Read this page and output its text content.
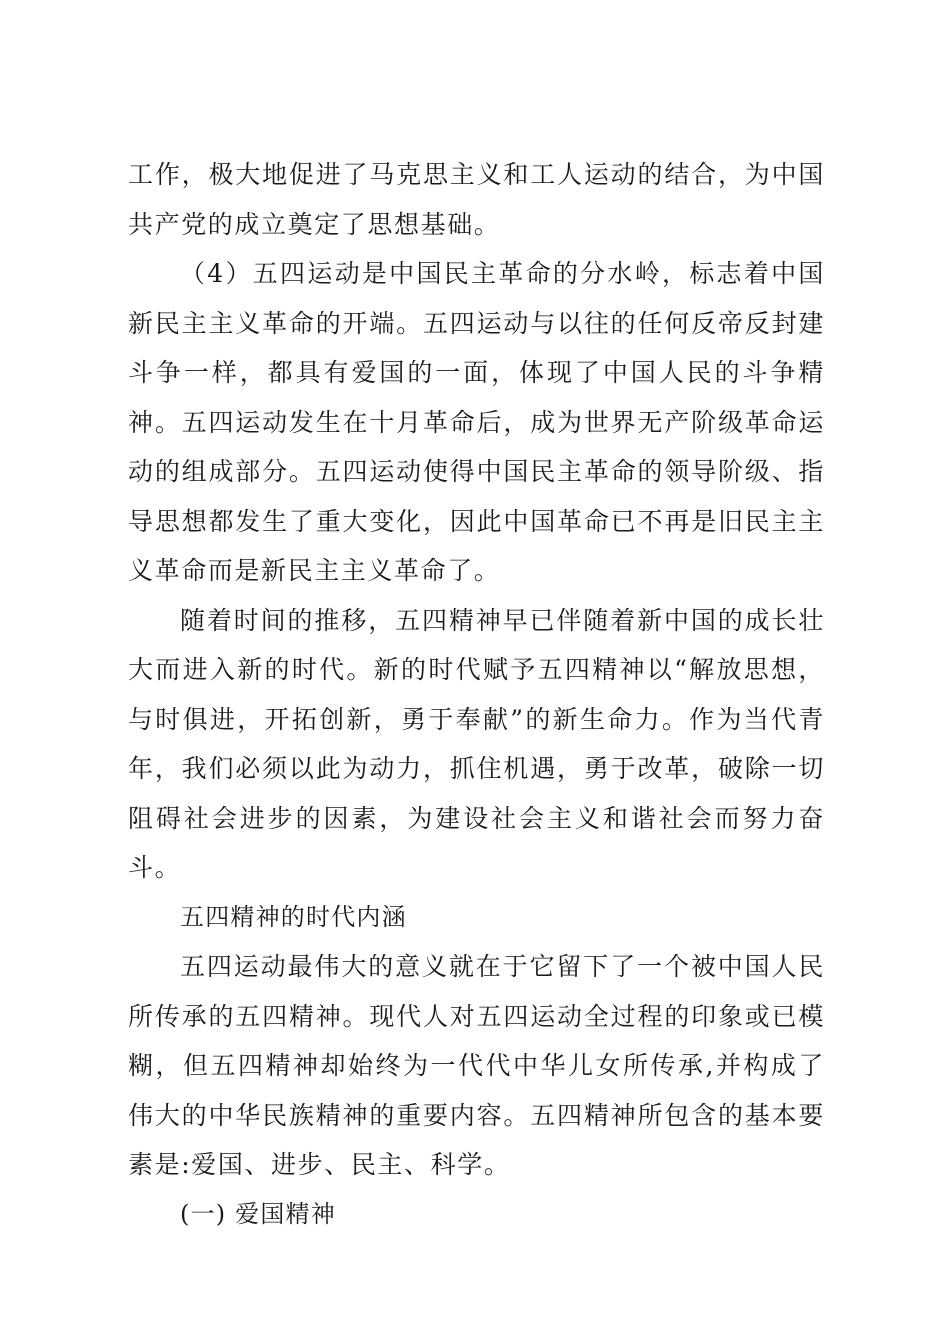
工作，极大地促进了马克思主义和工人运动的结合，为中国共产党的成立奠定了思想基础。

（4）五四运动是中国民主革命的分水岭，标志着中国新民主主义革命的开端。五四运动与以往的任何反帝反封建斗争一样，都具有爱国的一面，体现了中国人民的斗争精神。五四运动发生在十月革命后，成为世界无产阶级革命运动的组成部分。五四运动使得中国民主革命的领导阶级、指导思想都发生了重大变化，因此中国革命已不再是旧民主主义革命而是新民主主义革命了。

随着时间的推移，五四精神早已伴随着新中国的成长壮大而进入新的时代。新的时代赋予五四精神以“解放思想，与时俱进，开拓创新，勇于奉献”的新生命力。作为当代青年，我们必须以此为动力，抓住机遇，勇于改革，破除一切阻碍社会进步的因素，为建设社会主义和谐社会而努力奋斗。

五四精神的时代内涵

五四运动最伟大的意义就在于它留下了一个被中国人民所传承的五四精神。现代人对五四运动全过程的印象或已模糊，但五四精神却始终为一代代中华儿女所传承,并构成了伟大的中华民族精神的重要内容。五四精神所包含的基本要素是:爱国、进步、民主、科学。

(一) 爱国精神
